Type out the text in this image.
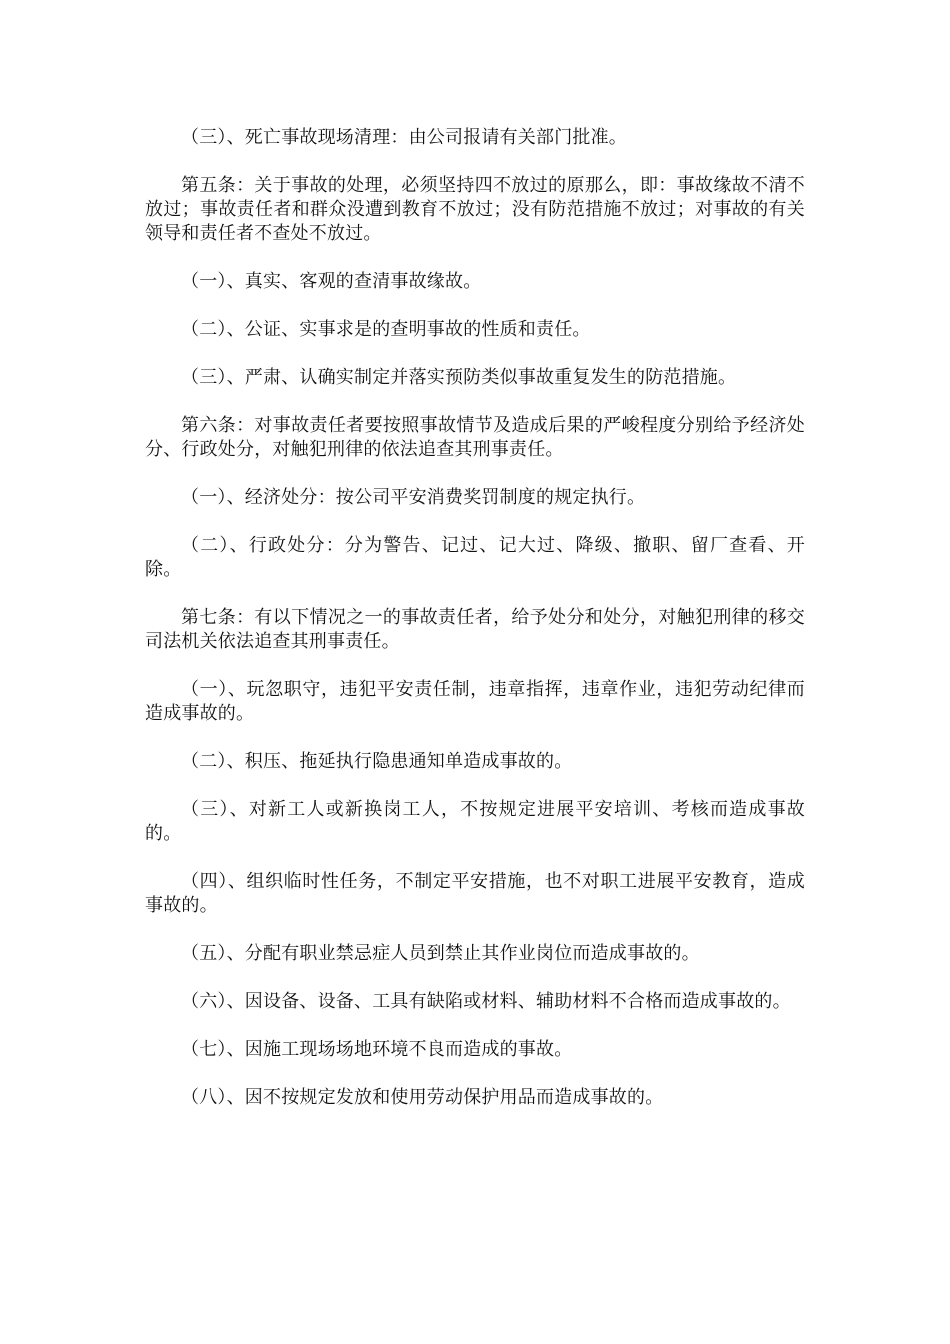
（三）、死亡事故现场清理：由公司报请有关部门批准。

第五条：关于事故的处理，必须坚持四不放过的原那么，即：事故缘故不清不放过；事故责任者和群众没遭到教育不放过；没有防范措施不放过；对事故的有关领导和责任者不查处不放过。

（一）、真实、客观的查清事故缘故。

（二）、公证、实事求是的查明事故的性质和责任。

（三）、严肃、认确实制定并落实预防类似事故重复发生的防范措施。

第六条：对事故责任者要按照事故情节及造成后果的严峻程度分别给予经济处分、行政处分，对触犯刑律的依法追查其刑事责任。

（一）、经济处分：按公司平安消费奖罚制度的规定执行。

（二）、行政处分：分为警告、记过、记大过、降级、撤职、留厂查看、开除。

第七条：有以下情况之一的事故责任者，给予处分和处分，对触犯刑律的移交司法机关依法追查其刑事责任。

（一）、玩忽职守，违犯平安责任制，违章指挥，违章作业，违犯劳动纪律而造成事故的。

（二）、积压、拖延执行隐患通知单造成事故的。

（三）、对新工人或新换岗工人，不按规定进展平安培训、考核而造成事故的。

（四）、组织临时性任务，不制定平安措施，也不对职工进展平安教育，造成事故的。

（五）、分配有职业禁忌症人员到禁止其作业岗位而造成事故的。

（六）、因设备、设备、工具有缺陷或材料、辅助材料不合格而造成事故的。

（七）、因施工现场场地环境不良而造成的事故。

（八）、因不按规定发放和使用劳动保护用品而造成事故的。
